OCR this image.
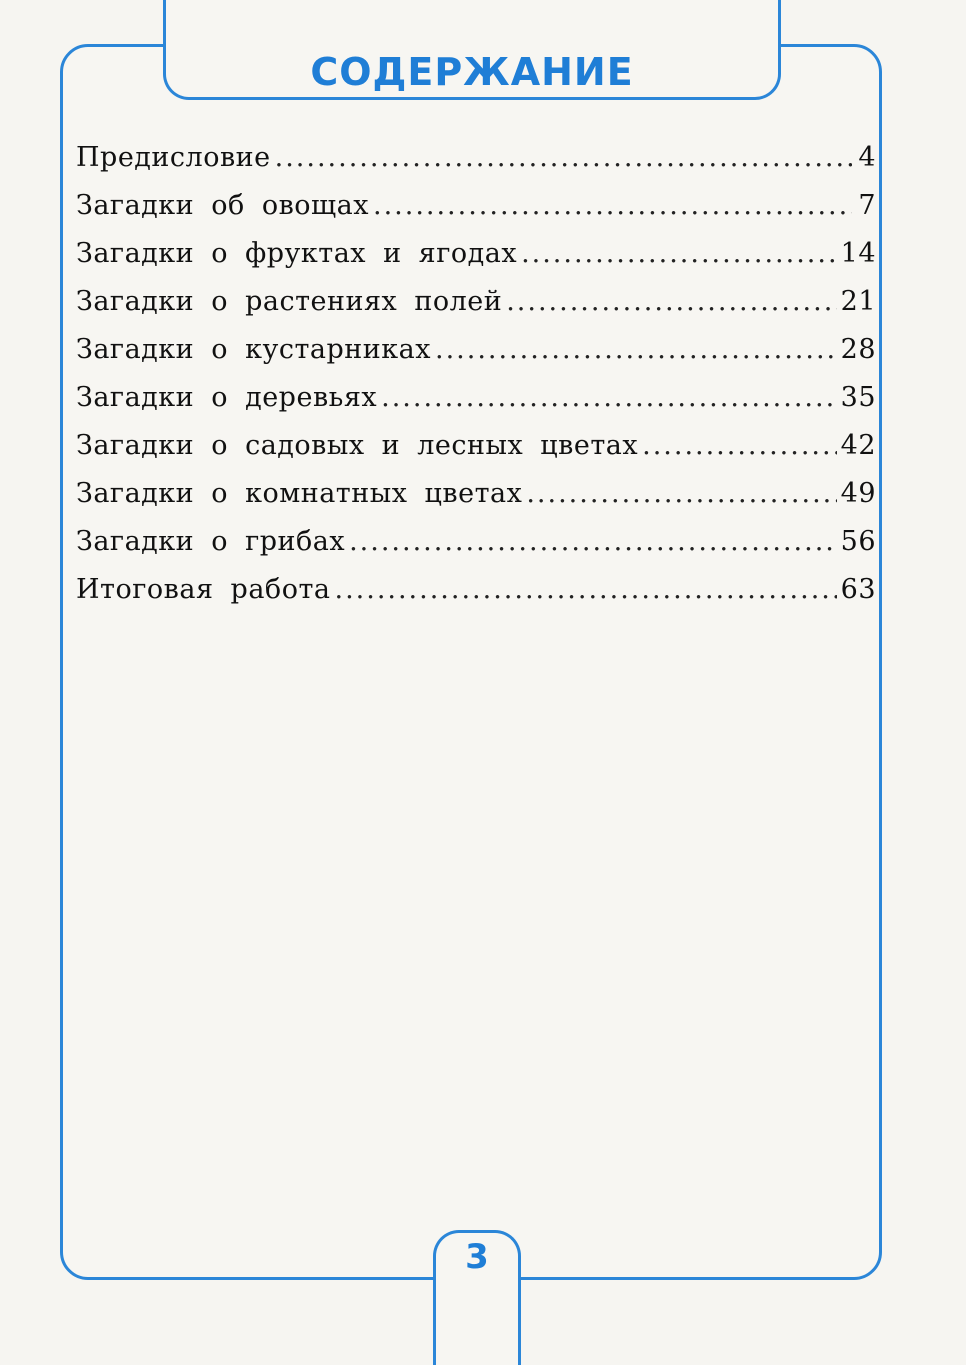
СОДЕРЖАНИЕ
Предисловие .....	4
Загадки об овощах .....	7
Загадки о фруктах и ягодах .....	14
Загадки о растениях полей .....	21
Загадки о кустарниках .....	28
Загадки о деревьях .....	35
Загадки о садовых и лесных цветах .....	42
Загадки о комнатных цветах .....	49
Загадки о грибах .....	56
Итоговая работа .....	63
3
